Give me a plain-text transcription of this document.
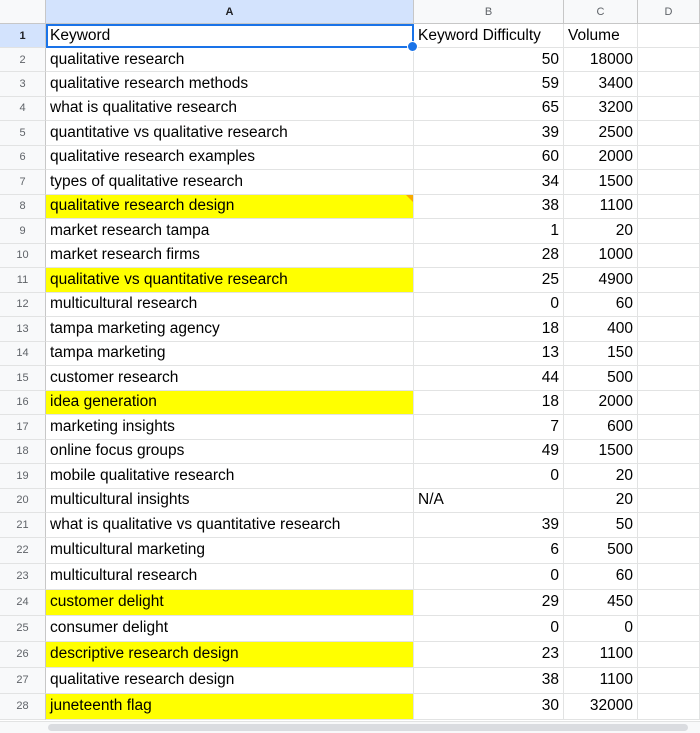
A	B	C	D
1	Keyword	Keyword Difficulty	Volume
2	qualitative research	50	18000
3	qualitative research methods	59	3400
4	what is qualitative research	65	3200
5	quantitative vs qualitative research	39	2500
6	qualitative research examples	60	2000
7	types of qualitative research	34	1500
8	qualitative research design	38	1100
9	market research tampa	1	20
10	market research firms	28	1000
11	qualitative vs quantitative research	25	4900
12	multicultural research	0	60
13	tampa marketing agency	18	400
14	tampa marketing	13	150
15	customer research	44	500
16	idea generation	18	2000
17	marketing insights	7	600
18	online focus groups	49	1500
19	mobile qualitative research	0	20
20	multicultural insights	N/A	20
21	what is qualitative vs quantitative research	39	50
22	multicultural marketing	6	500
23	multicultural research	0	60
24	customer delight	29	450
25	consumer delight	0	0
26	descriptive research design	23	1100
27	qualitative research design	38	1100
28	juneteenth flag	30	32000
